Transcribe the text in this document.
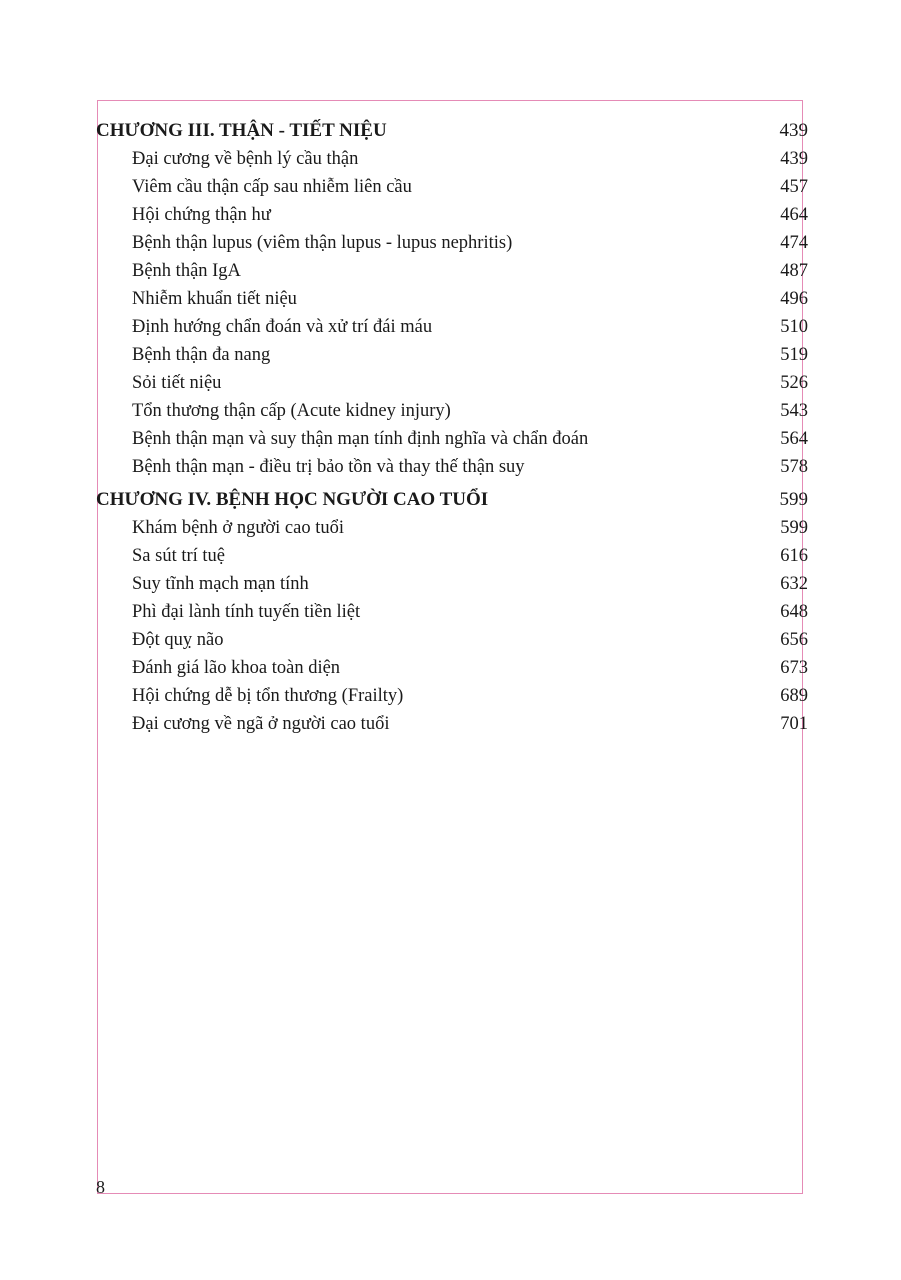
CHƯƠNG III. THẬN - TIẾT NIỆU	439
Đại cương về bệnh lý cầu thận	439
Viêm cầu thận cấp sau nhiễm liên cầu	457
Hội chứng thận hư	464
Bệnh thận lupus (viêm thận lupus - lupus nephritis)	474
Bệnh thận IgA	487
Nhiễm khuẩn tiết niệu	496
Định hướng chẩn đoán và xử trí đái máu	510
Bệnh thận đa nang	519
Sỏi tiết niệu	526
Tổn thương thận cấp (Acute kidney injury)	543
Bệnh thận mạn và suy thận mạn tính định nghĩa và chẩn đoán	564
Bệnh thận mạn - điều trị bảo tồn và thay thế thận suy	578
CHƯƠNG IV. BỆNH HỌC NGƯỜI CAO TUỔI	599
Khám bệnh ở người cao tuổi	599
Sa sút trí tuệ	616
Suy tĩnh mạch mạn tính	632
Phì đại lành tính tuyến tiền liệt	648
Đột quỵ não	656
Đánh giá lão khoa toàn diện	673
Hội chứng dễ bị tổn thương (Frailty)	689
Đại cương về ngã ở người cao tuổi	701
8
